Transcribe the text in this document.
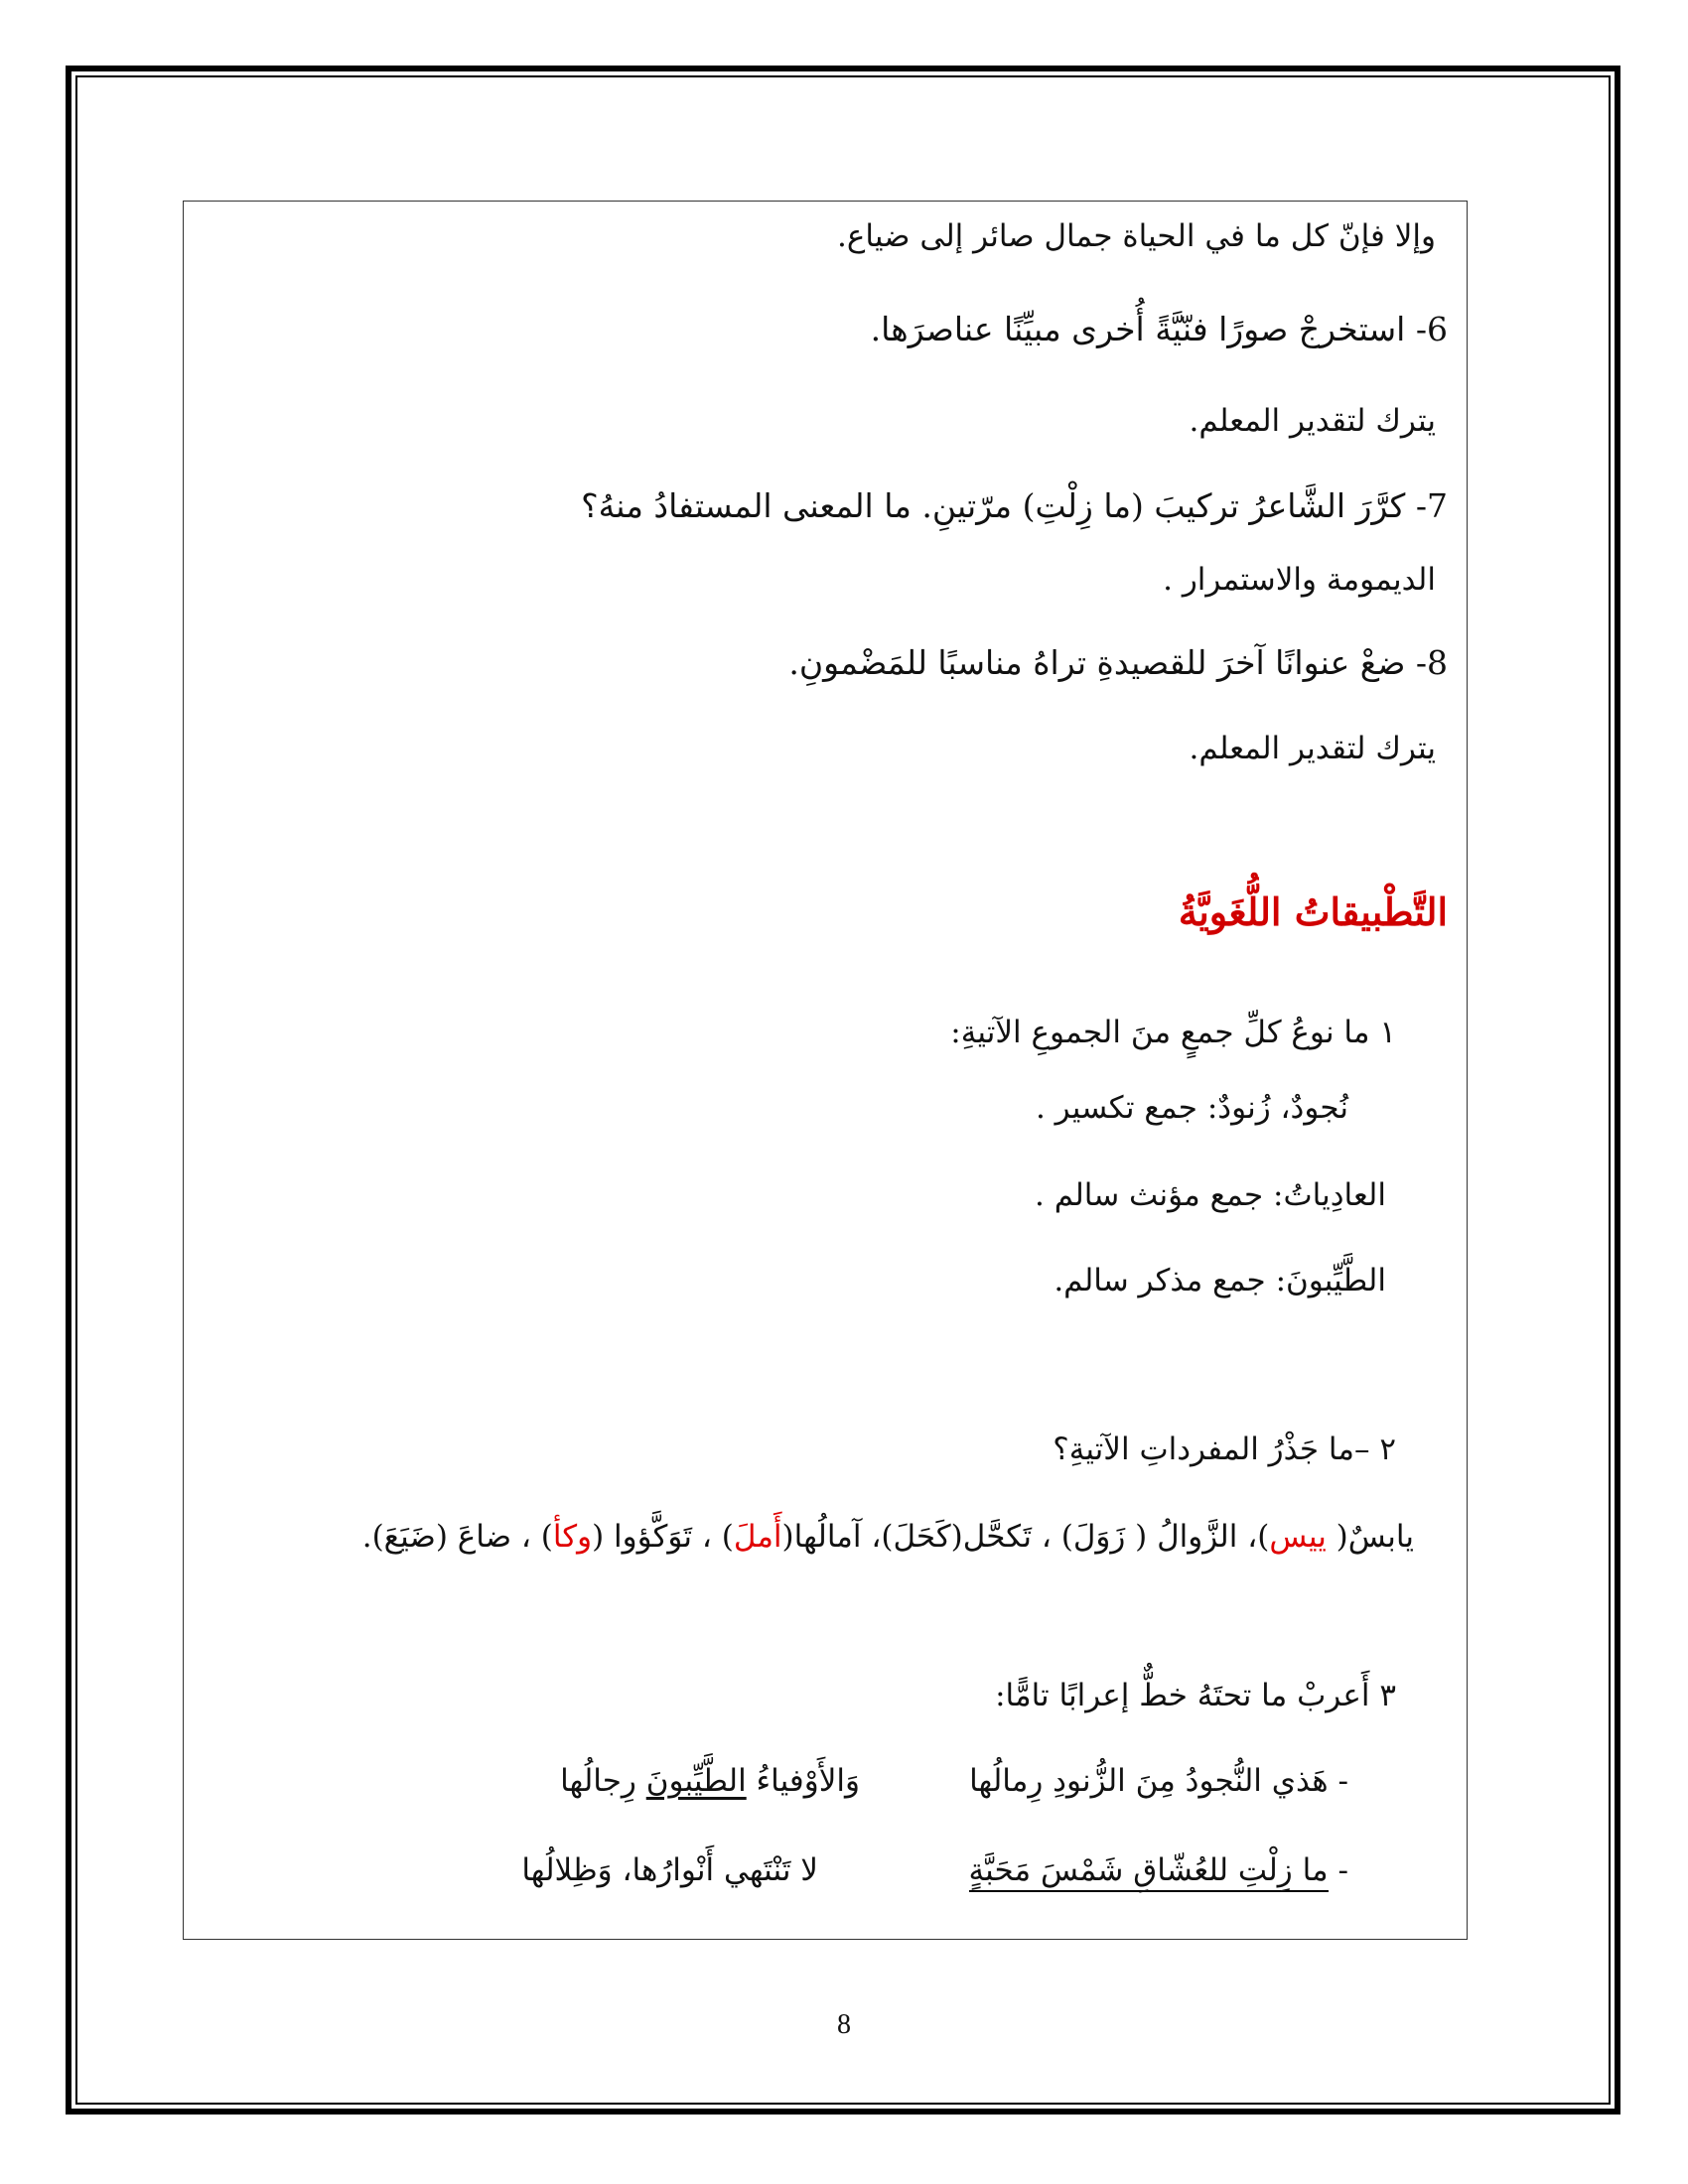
وإلا فإنّ كل ما في الحياة جمال صائر إلى ضياع.
6- استخرجْ صورًا فنّيَّةً أُخرى مبيِّنًا عناصرَها.
يترك لتقدير المعلم.
7- كرَّرَ الشَّاعرُ تركيبَ (ما زِلْتِ) مرّتينِ. ما المعنى المستفادُ منهُ؟
الديمومة والاستمرار .
8- ضعْ عنوانًا آخرَ للقصيدةِ تراهُ مناسبًا للمَضْمونِ.
يترك لتقدير المعلم.
التَّطْبيقاتُ اللُّغَويَّةُ
١ ما نوعُ كلِّ جمعٍ منَ الجموعِ الآتيةِ:
نُجودٌ، زُنودٌ: جمع تكسير .
العادِياتُ: جمع مؤنث سالم .
الطَّيِّبونَ: جمع مذكر سالم.
٢ –ما جَذْرُ المفرداتِ الآتيةِ؟
يابسٌ( ييس)، الزَّوالُ ( زَوَلَ) ، تَكحَّل(كَحَلَ)، آمالُها(أَملَ) ، تَوَكَّؤوا (وكأ) ، ضاعَ (ضَيَعَ).
٣ أَعربْ ما تحتَهُ خطٌّ إعرابًا تامًّا:
- هَذي النُّجودُ مِنَ الزُّنودِ رِمالُها
وَالأَوْفياءُ الطَّيِّبونَ رِجالُها
- ما زِلْتِ للعُشّاقِ شَمْسَ مَحَبَّةٍ
لا تَنْتَهي أَنْوارُها، وَظِلالُها
8
